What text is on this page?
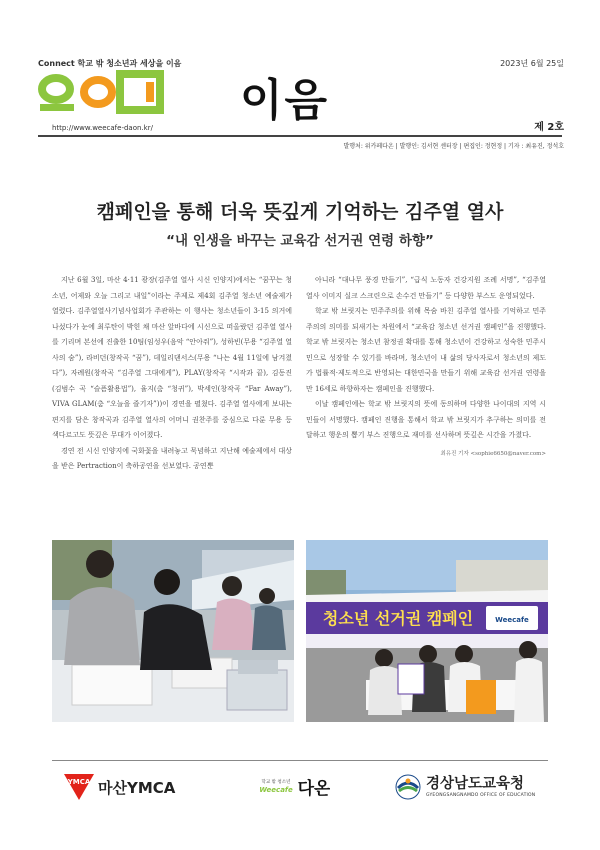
Connect 학교 밖 청소년과 세상을 이음
http://www.weecafe-daon.kr/
이음
2023년 6월 25일
제 2호
발행처: 위카페다온 | 발행인: 김서현 센터장 | 편집인: 정현정 | 기자 : 최유진, 정석호
캠페인을 통해 더욱 뜻깊게 기억하는 김주열 열사
“내 인생을 바꾸는 교육감 선거권 연령 하향”

지난 6월 3일, 마산 4·11 광장(김주열 열사 시신 인양지)에서는 “꿈꾸는 청소년, 어제와 오늘 그리고 내일”이라는 주제로 제4회 김주열 청소년 예술제가 열렸다. 김주열열사기념사업회가 주관하는 이 행사는 청소년들이 3·15 의거에 나섰다가 눈에 최루탄이 박힌 채 마산 앞바다에 시신으로 떠올랐던 김주열 열사를 기리며 본선에 진출한 10팀(임성우(음악 “안아줘”), 성하빈(무용 “김주열 열사의 숨”), 라비던(창작곡 “꿈”), 데일리댄서스(무용 “나는 4월 11일에 남겨졌다”), 자례원(창작곡 “김주열 그대에게”), PLAY(창작곡 “시작과 끝), 김동진(김범수 곡 “슬픔활용법”), 율지(춤 “청귀”), 박세인(창작곡 “Far Away”), VIVA GLAM(춤 “오늘을 즐기자”))이 경연을 펼쳤다. 김주열 열사에게 보내는 편지를 담은 창작곡과 김주열 열사의 어머니 권찬주를 중심으로 다룬 무용 등 색다르고도 뜻깊은 무대가 이어졌다.

경연 전 시신 인양지에 국화꽃을 내려놓고 묵념하고 지난해 예술제에서 대상을 받은 Pertraction이 축하공연을 선보였다. 공연뿐

아니라 “대나무 풍경 만들기”, “급식 노동자 건강지원 조례 서명”, “김주열 열사 이미지 실크 스크린으로 손수건 만들기” 등 다양한 부스도 운영되었다.

학교 밖 브릿지는 민주주의를 위해 목숨 바친 김주열 열사를 기억하고 민주주의의 의미를 되새기는 차원에서 “교육감 청소년 선거권 캠페인”을 진행했다. 학교 밖 브릿지는 청소년 참정권 확대를 통해 청소년이 건강하고 성숙한 민주시민으로 성장할 수 있기를 바라며, 청소년이 내 삶의 당사자로서 청소년의 제도가 법률적·제도적으로 반영되는 대한민국을 만들기 위해 교육감 선거권 연령을 만 16세로 하향하자는 캠페인을 진행했다.

이날 캠페인에는 학교 밖 브릿지의 뜻에 동의하며 다양한 나이대의 지역 시민들이 서명했다. 캠페인 진행을 통해서 학교 밖 브릿지가 추구하는 의미를 전달하고 행운의 뽑기 부스 진행으로 재미를 선사하며 뜻깊은 시간을 가졌다.

최유진 기자 <sophie6650@naver.com>

청소년 선거권 캠페인	Weecafe
YMCA 마산YMCA	학교 밖 청소년
Weecafe 다온	경상남도교육청
GYEONGSANGNAMDO OFFICE OF EDUCATION
